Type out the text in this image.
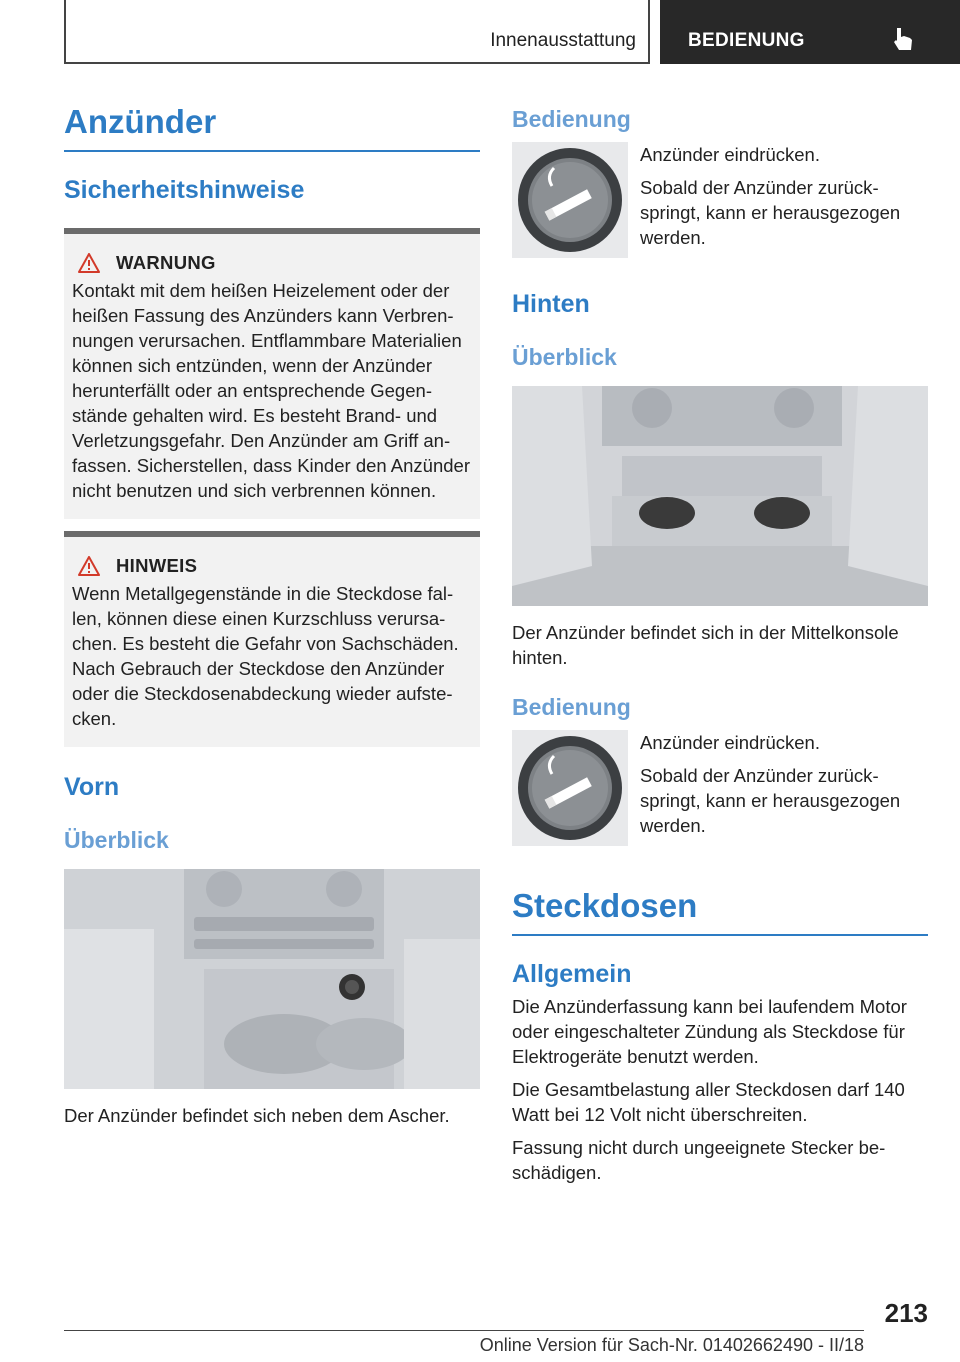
Innenausstattung	BEDIENUNG
Anzünder
Sicherheitshinweise
WARNUNG
Kontakt mit dem heißen Heizelement oder der heißen Fassung des Anzünders kann Verbrennungen verursachen. Entflammbare Materialien können sich entzünden, wenn der Anzünder herunterfällt oder an entsprechende Gegenstände gehalten wird. Es besteht Brand- und Verletzungsgefahr. Den Anzünder am Griff anfassen. Sicherstellen, dass Kinder den Anzünder nicht benutzen und sich verbrennen können.
HINWEIS
Wenn Metallgegenstände in die Steckdose fallen, können diese einen Kurzschluss verursachen. Es besteht die Gefahr von Sachschäden. Nach Gebrauch der Steckdose den Anzünder oder die Steckdosenabdeckung wieder aufstecken.
Vorn
Überblick
Der Anzünder befindet sich neben dem Ascher.
Bedienung
Anzünder eindrücken.
Sobald der Anzünder zurückspringt, kann er herausgezogen werden.
Hinten
Überblick
Der Anzünder befindet sich in der Mittelkonsole hinten.
Bedienung
Anzünder eindrücken.
Sobald der Anzünder zurückspringt, kann er herausgezogen werden.
Steckdosen
Allgemein
Die Anzünderfassung kann bei laufendem Motor oder eingeschalteter Zündung als Steckdose für Elektrogeräte benutzt werden.
Die Gesamtbelastung aller Steckdosen darf 140 Watt bei 12 Volt nicht überschreiten.
Fassung nicht durch ungeeignete Stecker beschädigen.
213
Online Version für Sach-Nr. 01402662490 - II/18
